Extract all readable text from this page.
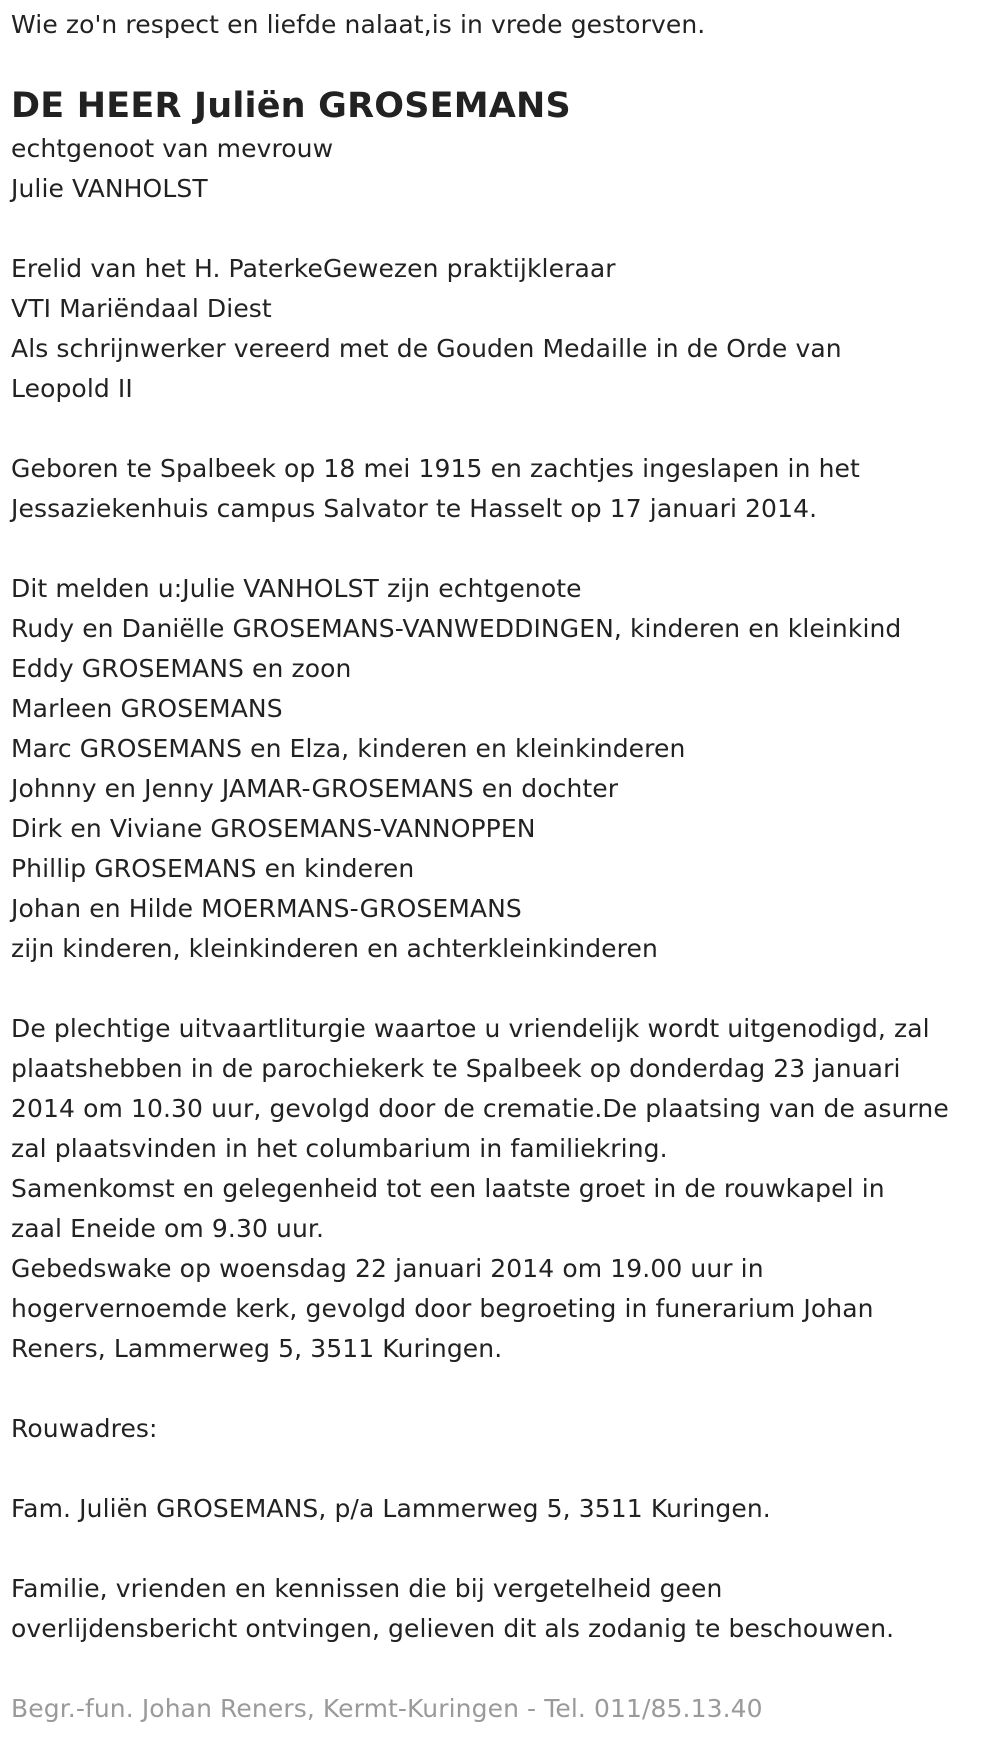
Wie zo'n respect en liefde nalaat,is in vrede gestorven.
DE HEER Juliën GROSEMANS
echtgenoot van mevrouw
Julie VANHOLST
Erelid van het H. PaterkeGewezen praktijkleraar
VTI Mariëndaal Diest
Als schrijnwerker vereerd met de Gouden Medaille in de Orde van
Leopold II
Geboren te Spalbeek op 18 mei 1915 en zachtjes ingeslapen in het
Jessaziekenhuis campus Salvator te Hasselt op 17 januari 2014.
Dit melden u:Julie VANHOLST zijn echtgenote
Rudy en Daniëlle GROSEMANS-VANWEDDINGEN, kinderen en kleinkind
Eddy GROSEMANS en zoon
Marleen GROSEMANS
Marc GROSEMANS en Elza, kinderen en kleinkinderen
Johnny en Jenny JAMAR-GROSEMANS en dochter
Dirk en Viviane GROSEMANS-VANNOPPEN
Phillip GROSEMANS en kinderen
Johan en Hilde MOERMANS-GROSEMANS
zijn kinderen, kleinkinderen en achterkleinkinderen
De plechtige uitvaartliturgie waartoe u vriendelijk wordt uitgenodigd, zal
plaatshebben in de parochiekerk te Spalbeek op donderdag 23 januari
2014 om 10.30 uur, gevolgd door de crematie.De plaatsing van de asurne
zal plaatsvinden in het columbarium in familiekring.
Samenkomst en gelegenheid tot een laatste groet in de rouwkapel in
zaal Eneide om 9.30 uur.
Gebedswake op woensdag 22 januari 2014 om 19.00 uur in
hogervernoemde kerk, gevolgd door begroeting in funerarium Johan
Reners, Lammerweg 5, 3511 Kuringen.
Rouwadres:
Fam. Juliën GROSEMANS, p/a Lammerweg 5, 3511 Kuringen.
Familie, vrienden en kennissen die bij vergetelheid geen
overlijdensbericht ontvingen, gelieven dit als zodanig te beschouwen.
Begr.-fun. Johan Reners, Kermt-Kuringen - Tel. 011/85.13.40
